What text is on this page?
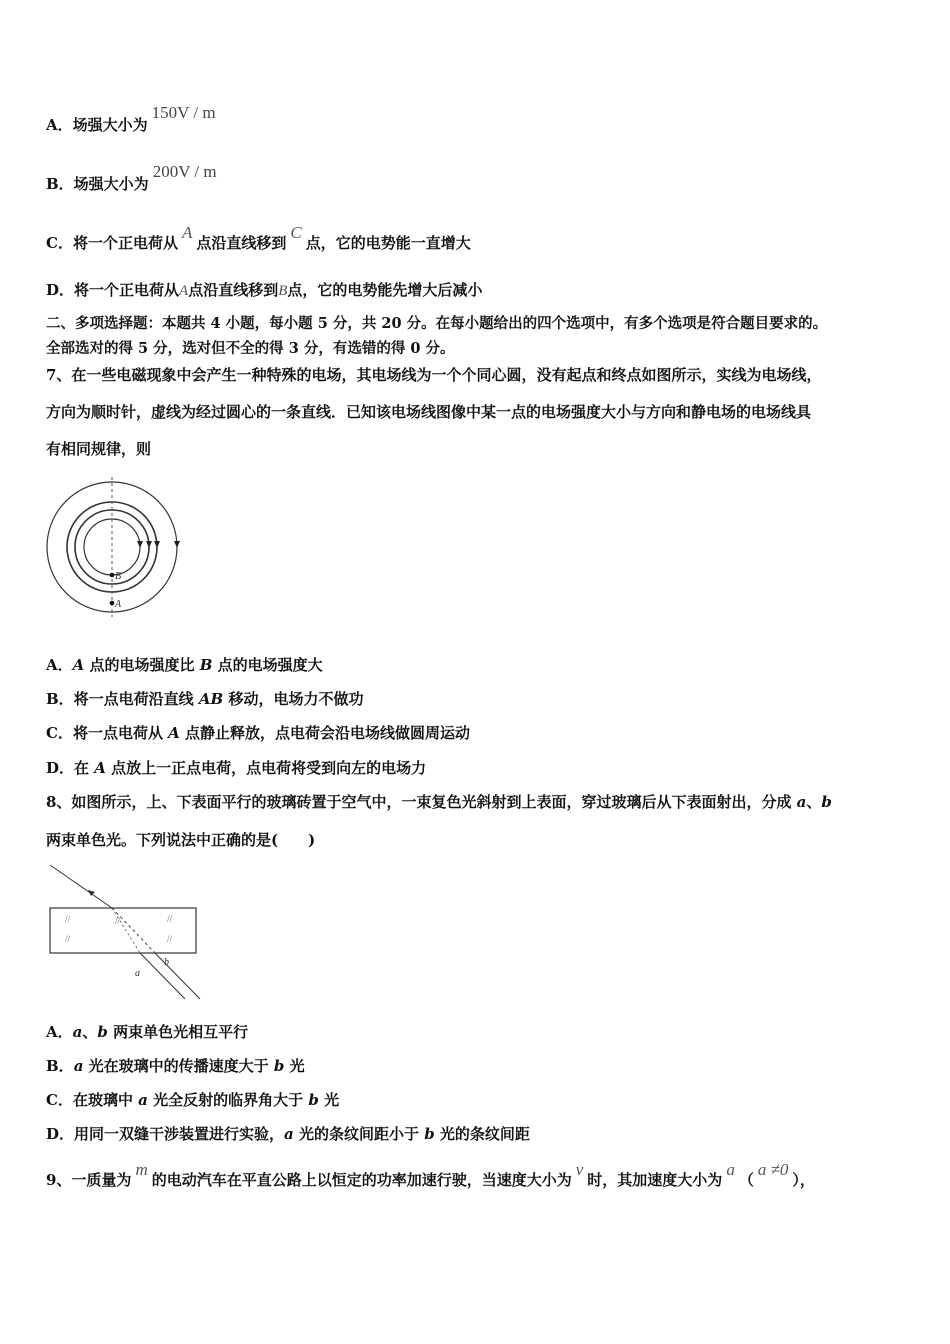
A．场强大小为150V / m
B．场强大小为200V / m
C．将一个正电荷从A点沿直线移到C点，它的电势能一直增大
D．将一个正电荷从A点沿直线移到B点，它的电势能先增大后减小
二、多项选择题：本题共 4 小题，每小题 5 分，共 20 分。在每小题给出的四个选项中，有多个选项是符合题目要求的。
全部选对的得 5 分，选对但不全的得 3 分，有选错的得 0 分。
7、在一些电磁现象中会产生一种特殊的电场，其电场线为一个个同心圆，没有起点和终点如图所示，实线为电场线，
方向为顺时针，虚线为经过圆心的一条直线．已知该电场线图像中某一点的电场强度大小与方向和静电场的电场线具
有相同规律，则
B
A
A．A 点的电场强度比 B 点的电场强度大
B．将一点电荷沿直线 AB 移动，电场力不做功
C．将一点电荷从 A 点静止释放，点电荷会沿电场线做圆周运动
D．在 A 点放上一正点电荷，点电荷将受到向左的电场力
8、如图所示，上、下表面平行的玻璃砖置于空气中，一束复色光斜射到上表面，穿过玻璃后从下表面射出，分成 a、b
两束单色光。下列说法中正确的是(　　)
//	//
//	//
//
a
b
A．a、b 两束单色光相互平行
B．a 光在玻璃中的传播速度大于 b 光
C．在玻璃中 a 光全反射的临界角大于 b 光
D．用同一双缝干涉装置进行实验，a 光的条纹间距小于 b 光的条纹间距
9、一质量为m的电动汽车在平直公路上以恒定的功率加速行驶，当速度大小为v时，其加速度大小为a（a ≠0），
